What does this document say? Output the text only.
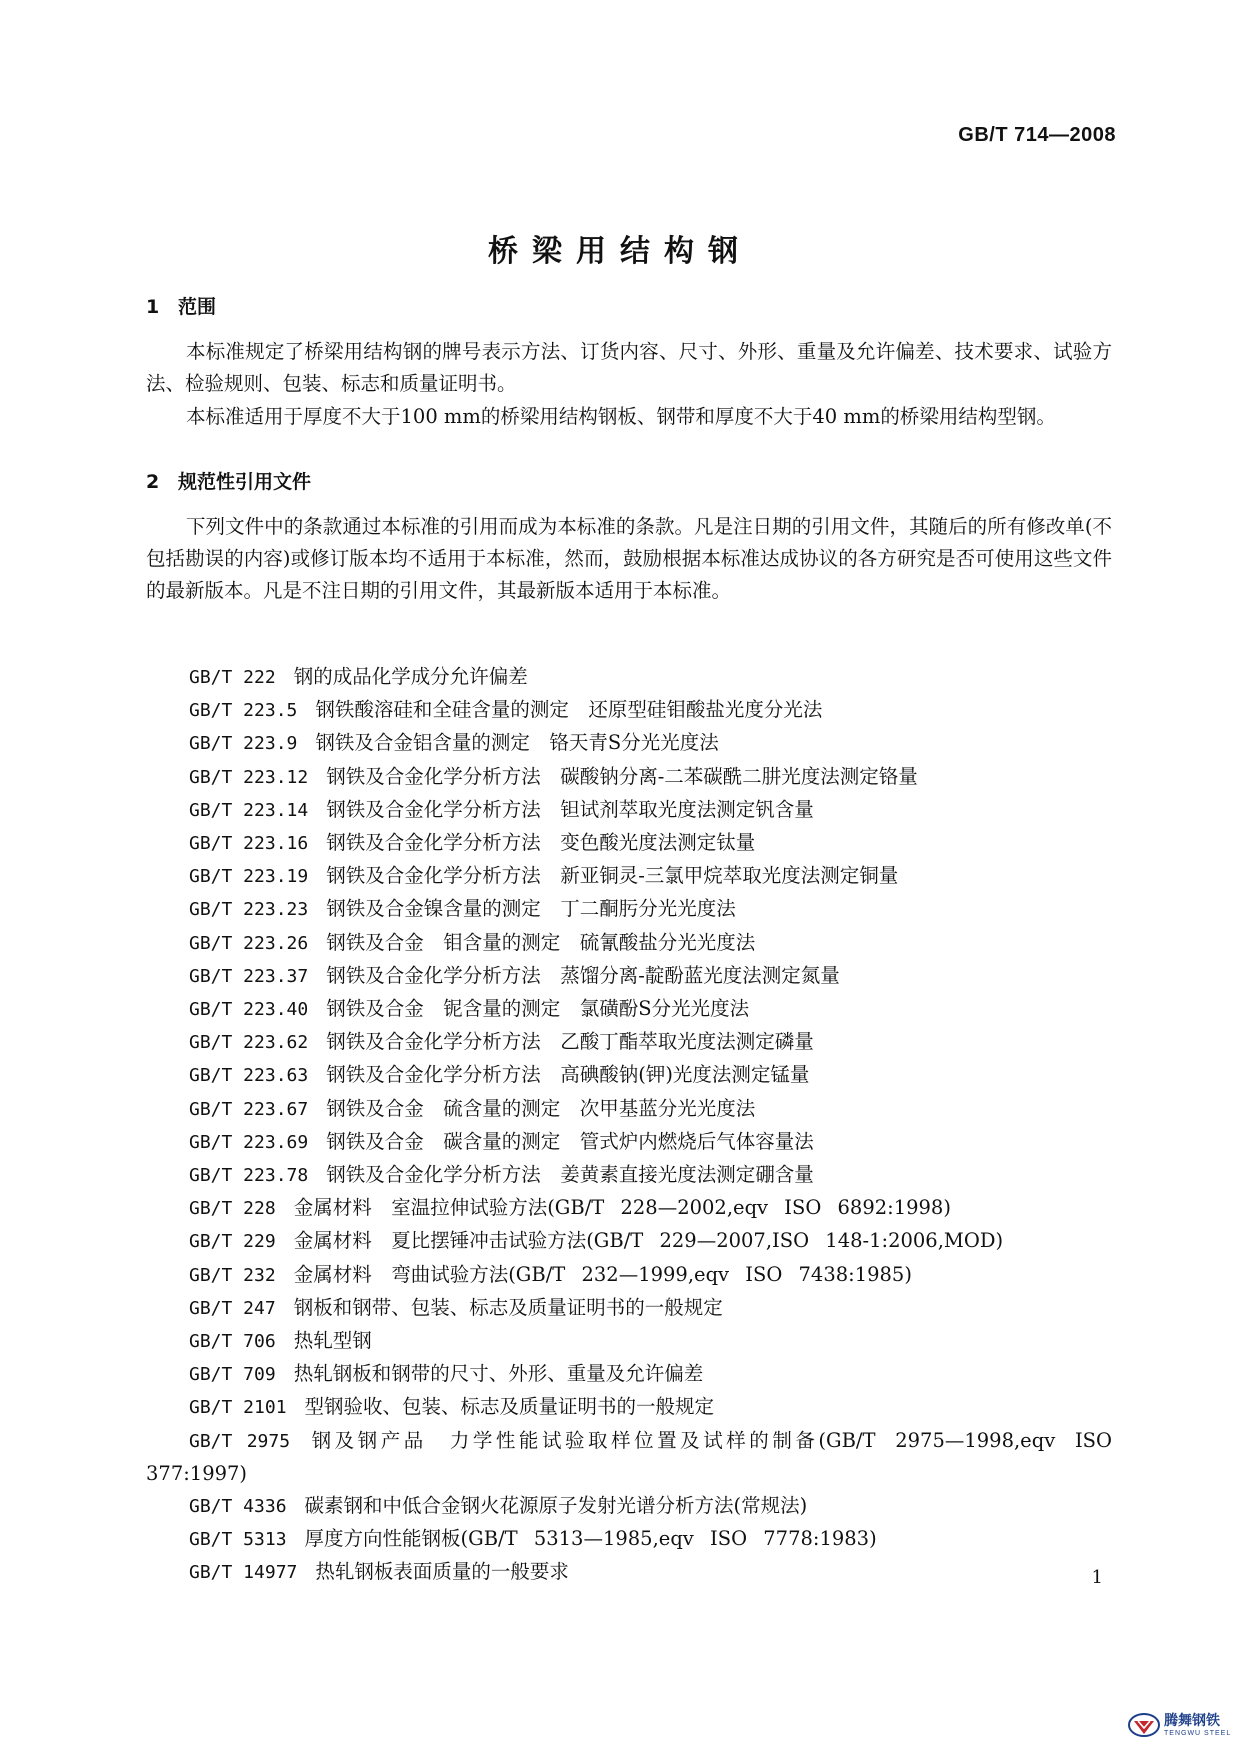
GB/T 714—2008
桥梁用结构钢
1 范围

本标准规定了桥梁用结构钢的牌号表示方法、订货内容、尺寸、外形、重量及允许偏差、技术要求、试验方法、检验规则、包装、标志和质量证明书。

本标准适用于厚度不大于100 mm的桥梁用结构钢板、钢带和厚度不大于40 mm的桥梁用结构型钢。

2 规范性引用文件

下列文件中的条款通过本标准的引用而成为本标准的条款。凡是注日期的引用文件，其随后的所有修改单(不包括勘误的内容)或修订版本均不适用于本标准，然而，鼓励根据本标准达成协议的各方研究是否可使用这些文件的最新版本。凡是不注日期的引用文件，其最新版本适用于本标准。

GB/T 222 钢的成品化学成分允许偏差
GB/T 223.5 钢铁酸溶硅和全硅含量的测定　还原型硅钼酸盐光度分光法
GB/T 223.9 钢铁及合金铝含量的测定　铬天青S分光光度法
GB/T 223.12 钢铁及合金化学分析方法　碳酸钠分离-二苯碳酰二肼光度法测定铬量
GB/T 223.14 钢铁及合金化学分析方法　钽试剂萃取光度法测定钒含量
GB/T 223.16 钢铁及合金化学分析方法　变色酸光度法测定钛量
GB/T 223.19 钢铁及合金化学分析方法　新亚铜灵-三氯甲烷萃取光度法测定铜量
GB/T 223.23 钢铁及合金镍含量的测定　丁二酮肟分光光度法
GB/T 223.26 钢铁及合金　钼含量的测定　硫氰酸盐分光光度法
GB/T 223.37 钢铁及合金化学分析方法　蒸馏分离-靛酚蓝光度法测定氮量
GB/T 223.40 钢铁及合金　铌含量的测定　氯磺酚S分光光度法
GB/T 223.62 钢铁及合金化学分析方法　乙酸丁酯萃取光度法测定磷量
GB/T 223.63 钢铁及合金化学分析方法　高碘酸钠(钾)光度法测定锰量
GB/T 223.67 钢铁及合金　硫含量的测定　次甲基蓝分光光度法
GB/T 223.69 钢铁及合金　碳含量的测定　管式炉内燃烧后气体容量法
GB/T 223.78 钢铁及合金化学分析方法　姜黄素直接光度法测定硼含量
GB/T 228 金属材料　室温拉伸试验方法(GB/T 228—2002,eqv ISO 6892:1998)
GB/T 229 金属材料　夏比摆锤冲击试验方法(GB/T 229—2007,ISO 148-1:2006,MOD)
GB/T 232 金属材料　弯曲试验方法(GB/T 232—1999,eqv ISO 7438:1985)
GB/T 247 钢板和钢带、包装、标志及质量证明书的一般规定
GB/T 706 热轧型钢
GB/T 709 热轧钢板和钢带的尺寸、外形、重量及允许偏差
GB/T 2101 型钢验收、包装、标志及质量证明书的一般规定
GB/T 2975 钢及钢产品　力学性能试验取样位置及试样的制备(GB/T 2975—1998,eqv ISO 377:1997)
GB/T 4336 碳素钢和中低合金钢火花源原子发射光谱分析方法(常规法)
GB/T 5313 厚度方向性能钢板(GB/T 5313—1985,eqv ISO 7778:1983)
GB/T 14977 热轧钢板表面质量的一般要求	1
腾舞钢铁
TENGWU STEEL
